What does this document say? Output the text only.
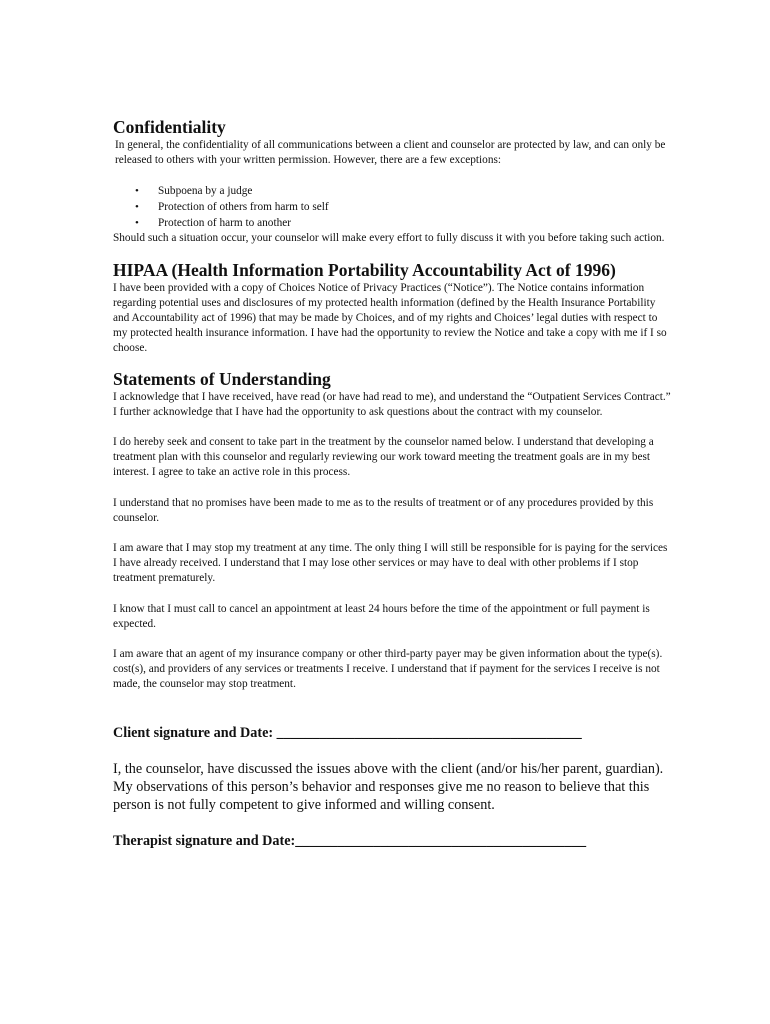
Confidentiality

In general, the confidentiality of all communications between a client and counselor are protected by law, and can only be released to others with your written permission. However, there are a few exceptions:

• Subpoena by a judge
• Protection of others from harm to self
• Protection of harm to another

Should such a situation occur, your counselor will make every effort to fully discuss it with you before taking such action.

HIPAA (Health Information Portability Accountability Act of 1996)

I have been provided with a copy of Choices Notice of Privacy Practices (“Notice”). The Notice contains information regarding potential uses and disclosures of my protected health information (defined by the Health Insurance Portability and Accountability act of 1996) that may be made by Choices, and of my rights and Choices’ legal duties with respect to my protected health insurance information. I have had the opportunity to review the Notice and take a copy with me if I so choose.

Statements of Understanding

I acknowledge that I have received, have read (or have had read to me), and understand the “Outpatient Services Contract.” I further acknowledge that I have had the opportunity to ask questions about the contract with my counselor.

I do hereby seek and consent to take part in the treatment by the counselor named below. I understand that developing a treatment plan with this counselor and regularly reviewing our work toward meeting the treatment goals are in my best interest. I agree to take an active role in this process.

I understand that no promises have been made to me as to the results of treatment or of any procedures provided by this counselor.

I am aware that I may stop my treatment at any time. The only thing I will still be responsible for is paying for the services I have already received. I understand that I may lose other services or may have to deal with other problems if I stop treatment prematurely.

I know that I must call to cancel an appointment at least 24 hours before the time of the appointment or full payment is expected.

I am aware that an agent of my insurance company or other third-party payer may be given information about the type(s). cost(s), and providers of any services or treatments I receive. I understand that if payment for the services I receive is not made, the counselor may stop treatment.

Client signature and Date: ___________________________________________

I, the counselor, have discussed the issues above with the client (and/or his/her parent, guardian). My observations of this person’s behavior and responses give me no reason to believe that this person is not fully competent to give informed and willing consent.

Therapist signature and Date:_________________________________________
